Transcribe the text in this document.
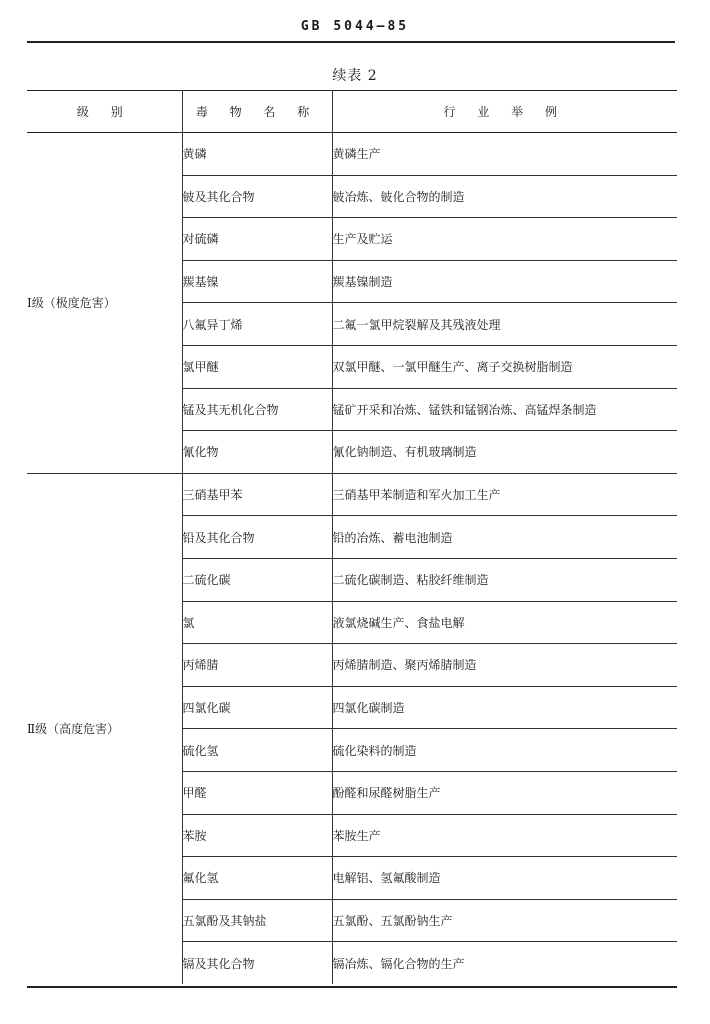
GB 5044—85
续表 2
级 别	毒 物 名 称	行 业 举 例
Ⅰ级（极度危害）	黄磷	黄磷生产
	铍及其化合物	铍冶炼、铍化合物的制造
	对硫磷	生产及贮运
	羰基镍	羰基镍制造
	八氟异丁烯	二氟一氯甲烷裂解及其残液处理
	氯甲醚	双氯甲醚、一氯甲醚生产、离子交换树脂制造
	锰及其无机化合物	锰矿开采和冶炼、锰铁和锰钢冶炼、高锰焊条制造
	氰化物	氰化钠制造、有机玻璃制造
Ⅱ级（高度危害）	三硝基甲苯	三硝基甲苯制造和军火加工生产
	铅及其化合物	铅的冶炼、蓄电池制造
	二硫化碳	二硫化碳制造、粘胶纤维制造
	氯	液氯烧碱生产、食盐电解
	丙烯腈	丙烯腈制造、聚丙烯腈制造
	四氯化碳	四氯化碳制造
	硫化氢	硫化染料的制造
	甲醛	酚醛和尿醛树脂生产
	苯胺	苯胺生产
	氟化氢	电解铝、氢氟酸制造
	五氯酚及其钠盐	五氯酚、五氯酚钠生产
	镉及其化合物	镉冶炼、镉化合物的生产
